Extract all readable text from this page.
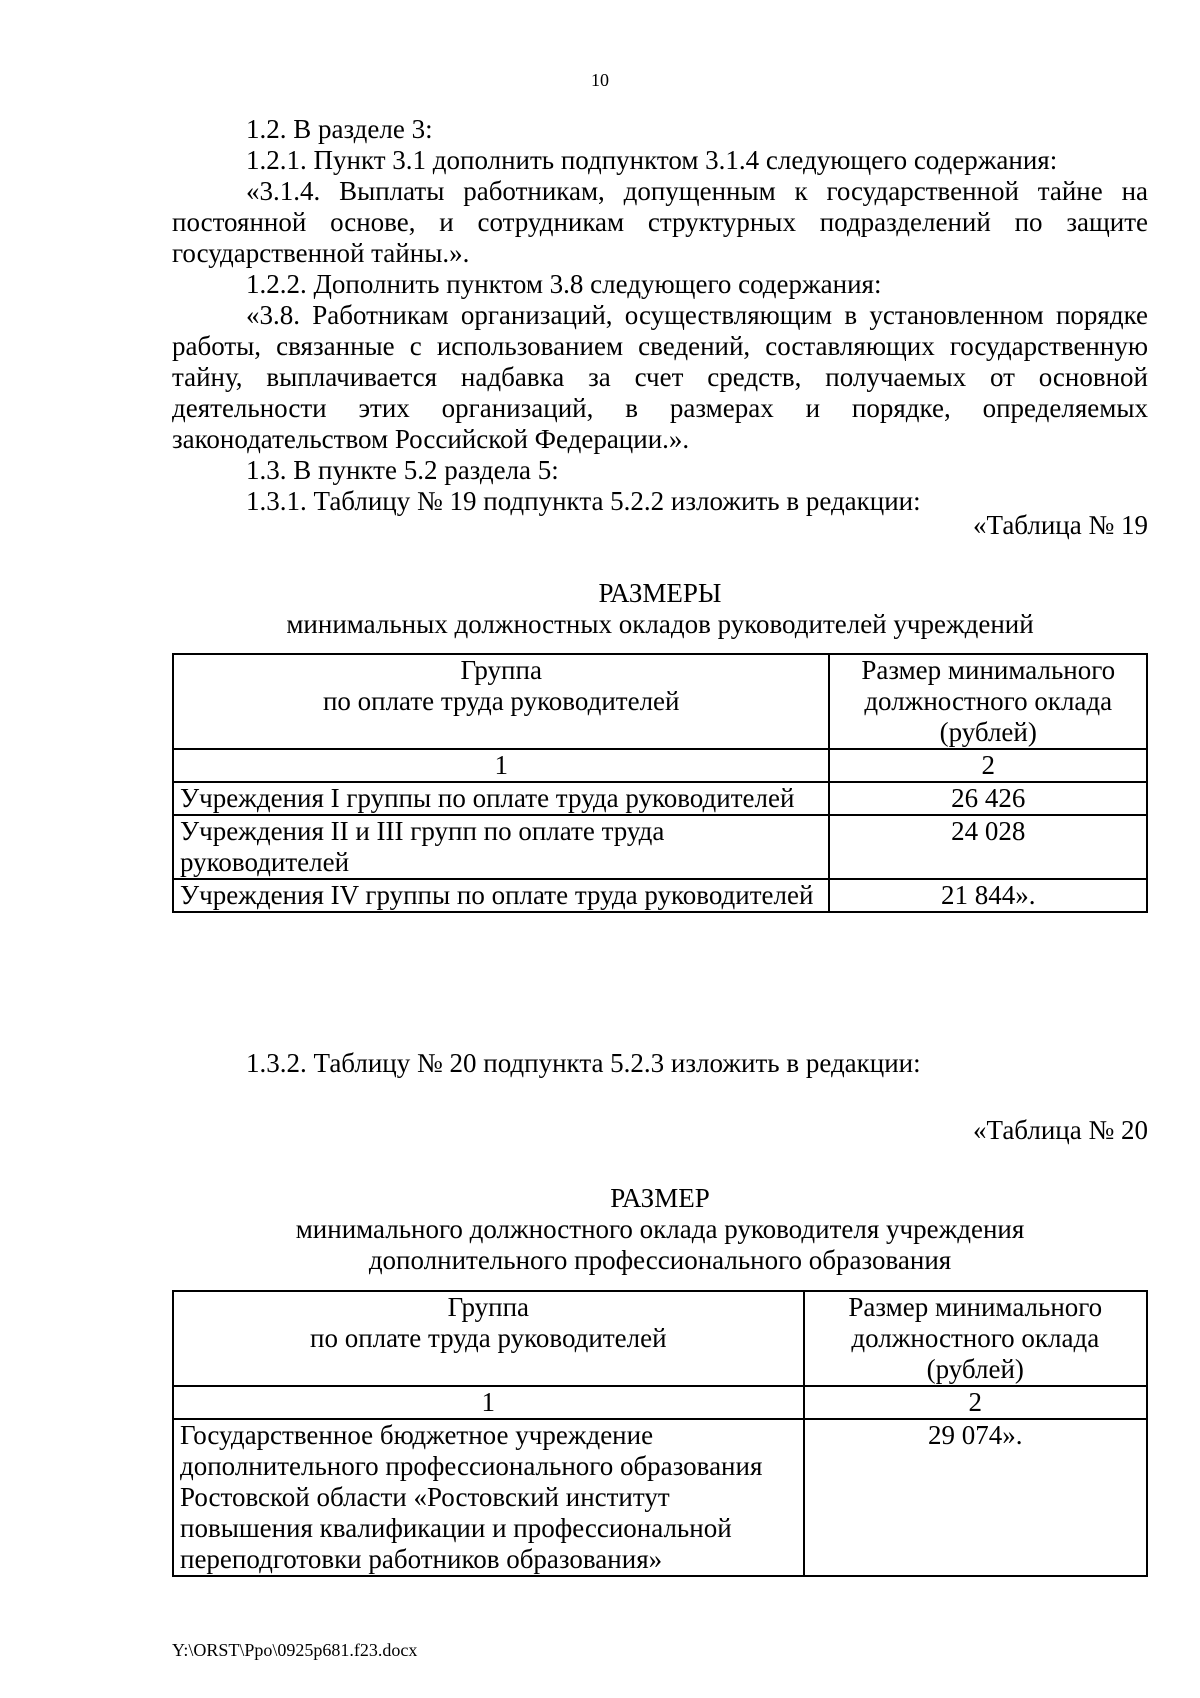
10

1.2. В разделе 3:

1.2.1. Пункт 3.1 дополнить подпунктом 3.1.4 следующего содержания:

«3.1.4. Выплаты работникам, допущенным к государственной тайне на постоянной основе, и сотрудникам структурных подразделений по защите государственной тайны.».

1.2.2. Дополнить пунктом 3.8 следующего содержания:

«3.8. Работникам организаций, осуществляющим в установленном порядке работы, связанные с использованием сведений, составляющих государственную тайну, выплачивается надбавка за счет средств, получаемых от основной деятельности этих организаций, в размерах и порядке, определяемых законодательством Российской Федерации.».

1.3. В пункте 5.2 раздела 5:

1.3.1. Таблицу № 19 подпункта 5.2.2 изложить в редакции:

«Таблица № 19
РАЗМЕРЫ
минимальных должностных окладов руководителей учреждений
Группа
по оплате труда руководителей	Размер минимального должностного оклада (рублей)
1	2
Учреждения I группы по оплате труда руководителей	26 426
Учреждения II и III групп по оплате труда руководителей	24 028
Учреждения IV группы по оплате труда руководителей	21 844».
1.3.2. Таблицу № 20 подпункта 5.2.3 изложить в редакции:
«Таблица № 20
РАЗМЕР
минимального должностного оклада руководителя учреждения
дополнительного профессионального образования
Группа
по оплате труда руководителей	Размер минимального должностного оклада (рублей)
1	2
Государственное бюджетное учреждение дополнительного профессионального образования Ростовской области «Ростовский институт повышения квалификации и профессиональной переподготовки работников образования»	29 074».
Y:\ORST\Ppo\0925p681.f23.docx
